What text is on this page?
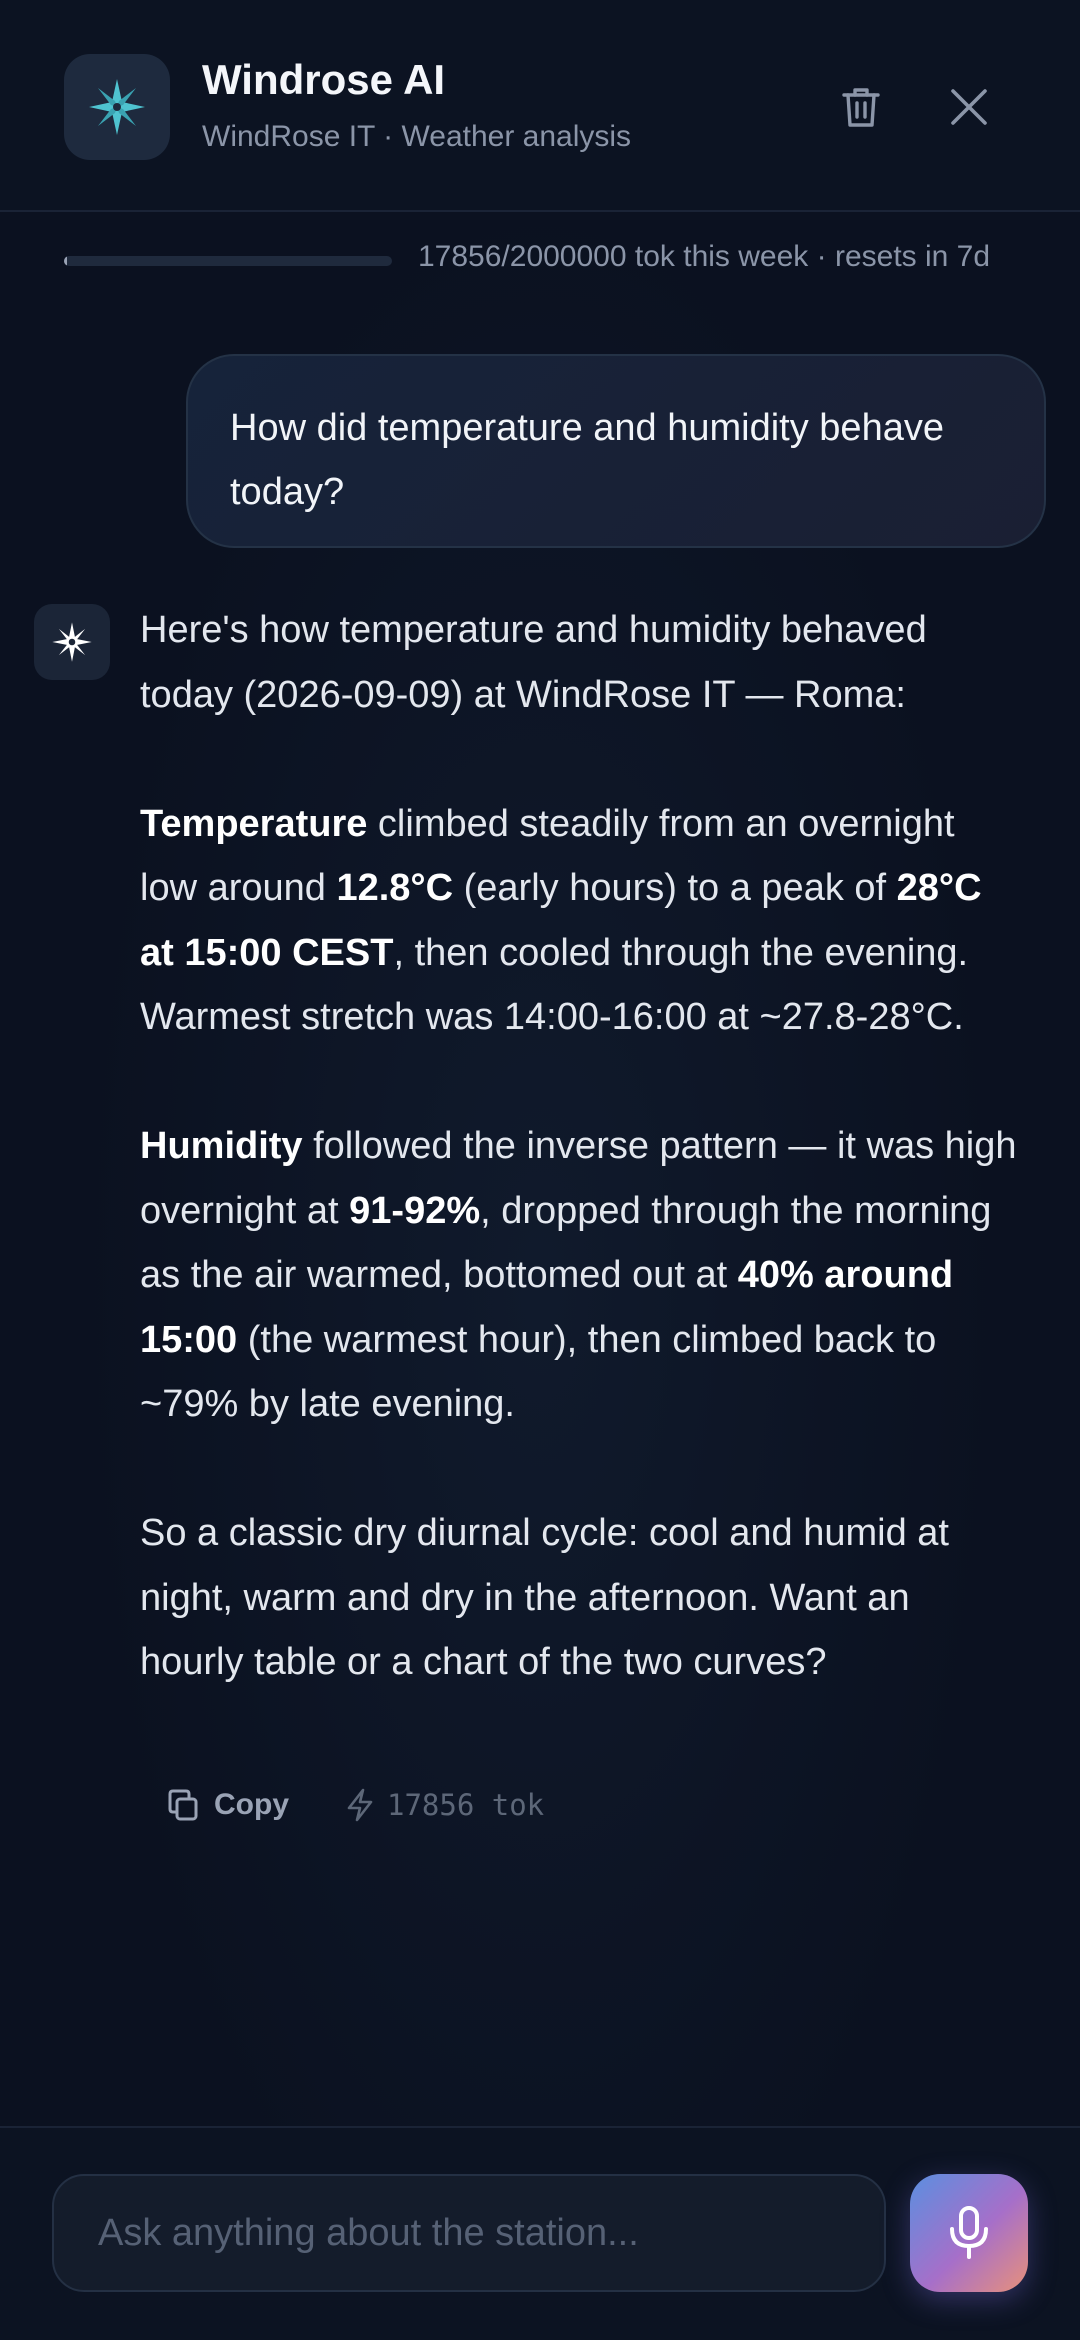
Windrose AI
WindRose IT · Weather analysis
17856/2000000 tok this week · resets in 7d
How did temperature and humidity behave today?

Here's how temperature and humidity behaved today (2026-09-09) at WindRose IT — Roma:

Temperature climbed steadily from an overnight low around 12.8°C (early hours) to a peak of 28°C at 15:00 CEST, then cooled through the evening. Warmest stretch was 14:00-16:00 at ~27.8-28°C.

Humidity followed the inverse pattern — it was high overnight at 91-92%, dropped through the morning as the air warmed, bottomed out at 40% around 15:00 (the warmest hour), then climbed back to ~79% by late evening.

So a classic dry diurnal cycle: cool and humid at night, warm and dry in the afternoon. Want an hourly table or a chart of the two curves?

Copy	17856 tok
Ask anything about the station...
